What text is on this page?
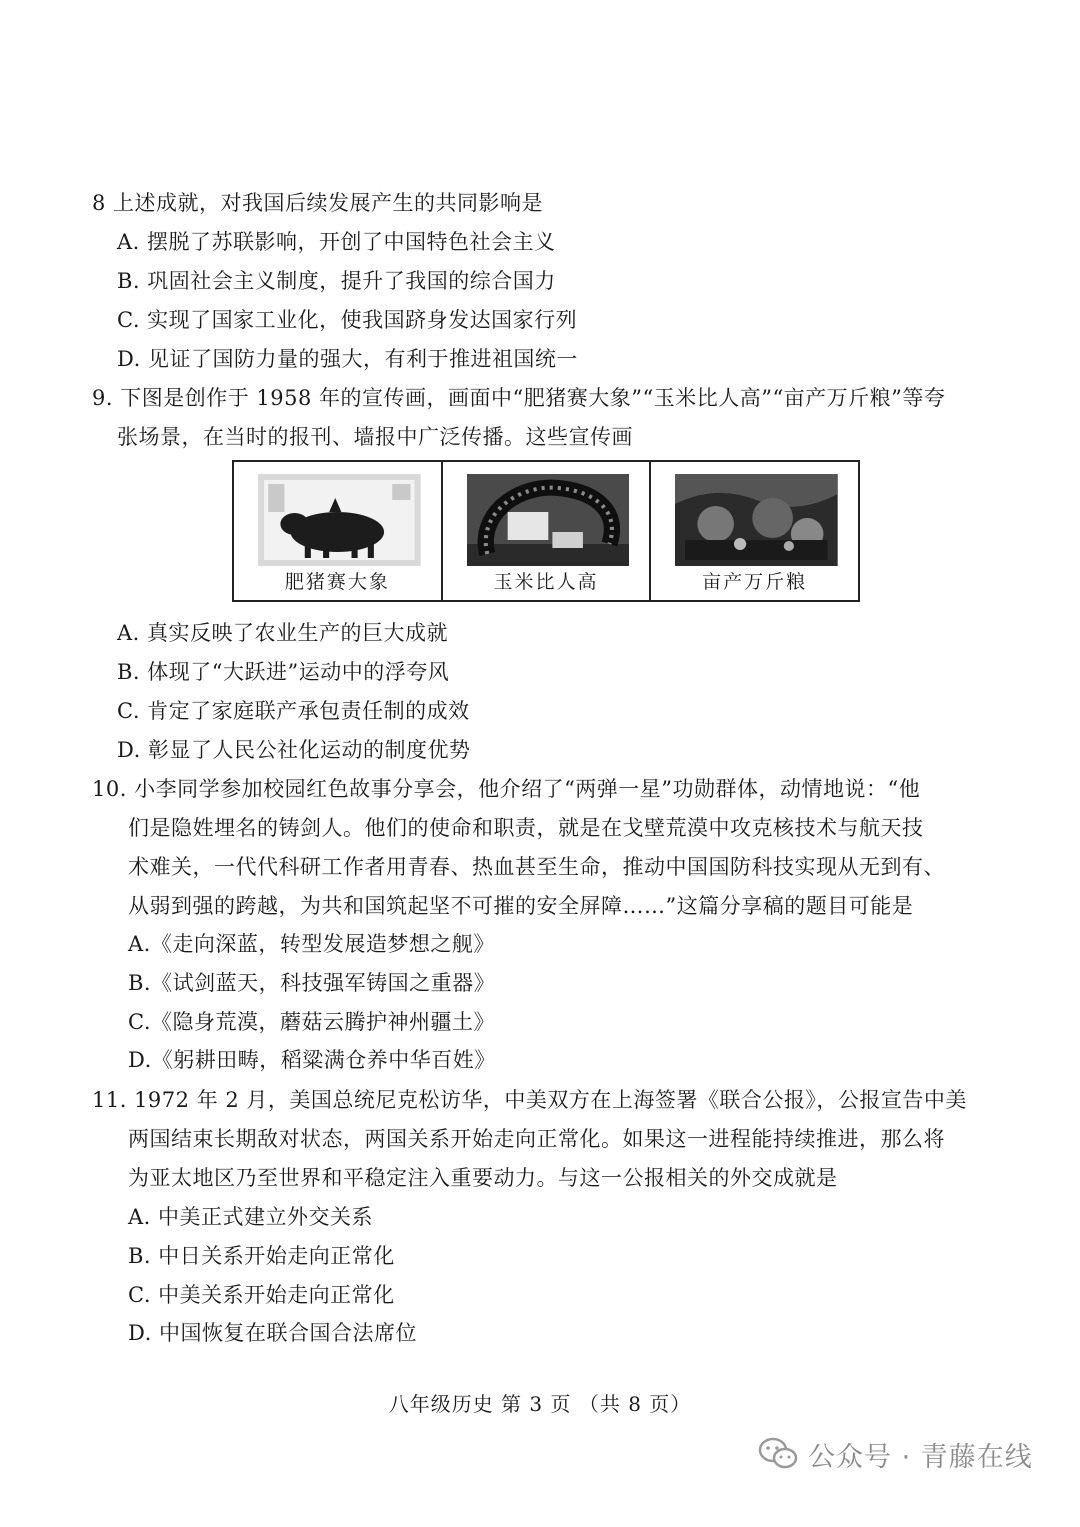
8 上述成就，对我国后续发展产生的共同影响是
A. 摆脱了苏联影响，开创了中国特色社会主义
B. 巩固社会主义制度，提升了我国的综合国力
C. 实现了国家工业化，使我国跻身发达国家行列
D. 见证了国防力量的强大，有利于推进祖国统一
9. 下图是创作于 1958 年的宣传画，画面中“肥猪赛大象”“玉米比人高”“亩产万斤粮”等夸
张场景，在当时的报刊、墙报中广泛传播。这些宣传画
肥猪赛大象	玉米比人高	亩产万斤粮
A. 真实反映了农业生产的巨大成就
B. 体现了“大跃进”运动中的浮夸风
C. 肯定了家庭联产承包责任制的成效
D. 彰显了人民公社化运动的制度优势
10. 小李同学参加校园红色故事分享会，他介绍了“两弹一星”功勋群体，动情地说：“他
们是隐姓埋名的铸剑人。他们的使命和职责，就是在戈壁荒漠中攻克核技术与航天技
术难关，一代代科研工作者用青春、热血甚至生命，推动中国国防科技实现从无到有、
从弱到强的跨越，为共和国筑起坚不可摧的安全屏障……”这篇分享稿的题目可能是
A.《走向深蓝，转型发展造梦想之舰》
B.《试剑蓝天，科技强军铸国之重器》
C.《隐身荒漠，蘑菇云腾护神州疆土》
D.《躬耕田畴，稻粱满仓养中华百姓》
11. 1972 年 2 月，美国总统尼克松访华，中美双方在上海签署《联合公报》，公报宣告中美
两国结束长期敌对状态，两国关系开始走向正常化。如果这一进程能持续推进，那么将
为亚太地区乃至世界和平稳定注入重要动力。与这一公报相关的外交成就是
A. 中美正式建立外交关系
B. 中日关系开始走向正常化
C. 中美关系开始走向正常化
D. 中国恢复在联合国合法席位
八年级历史 第 3 页 （共 8 页）
公众号 · 青藤在线
